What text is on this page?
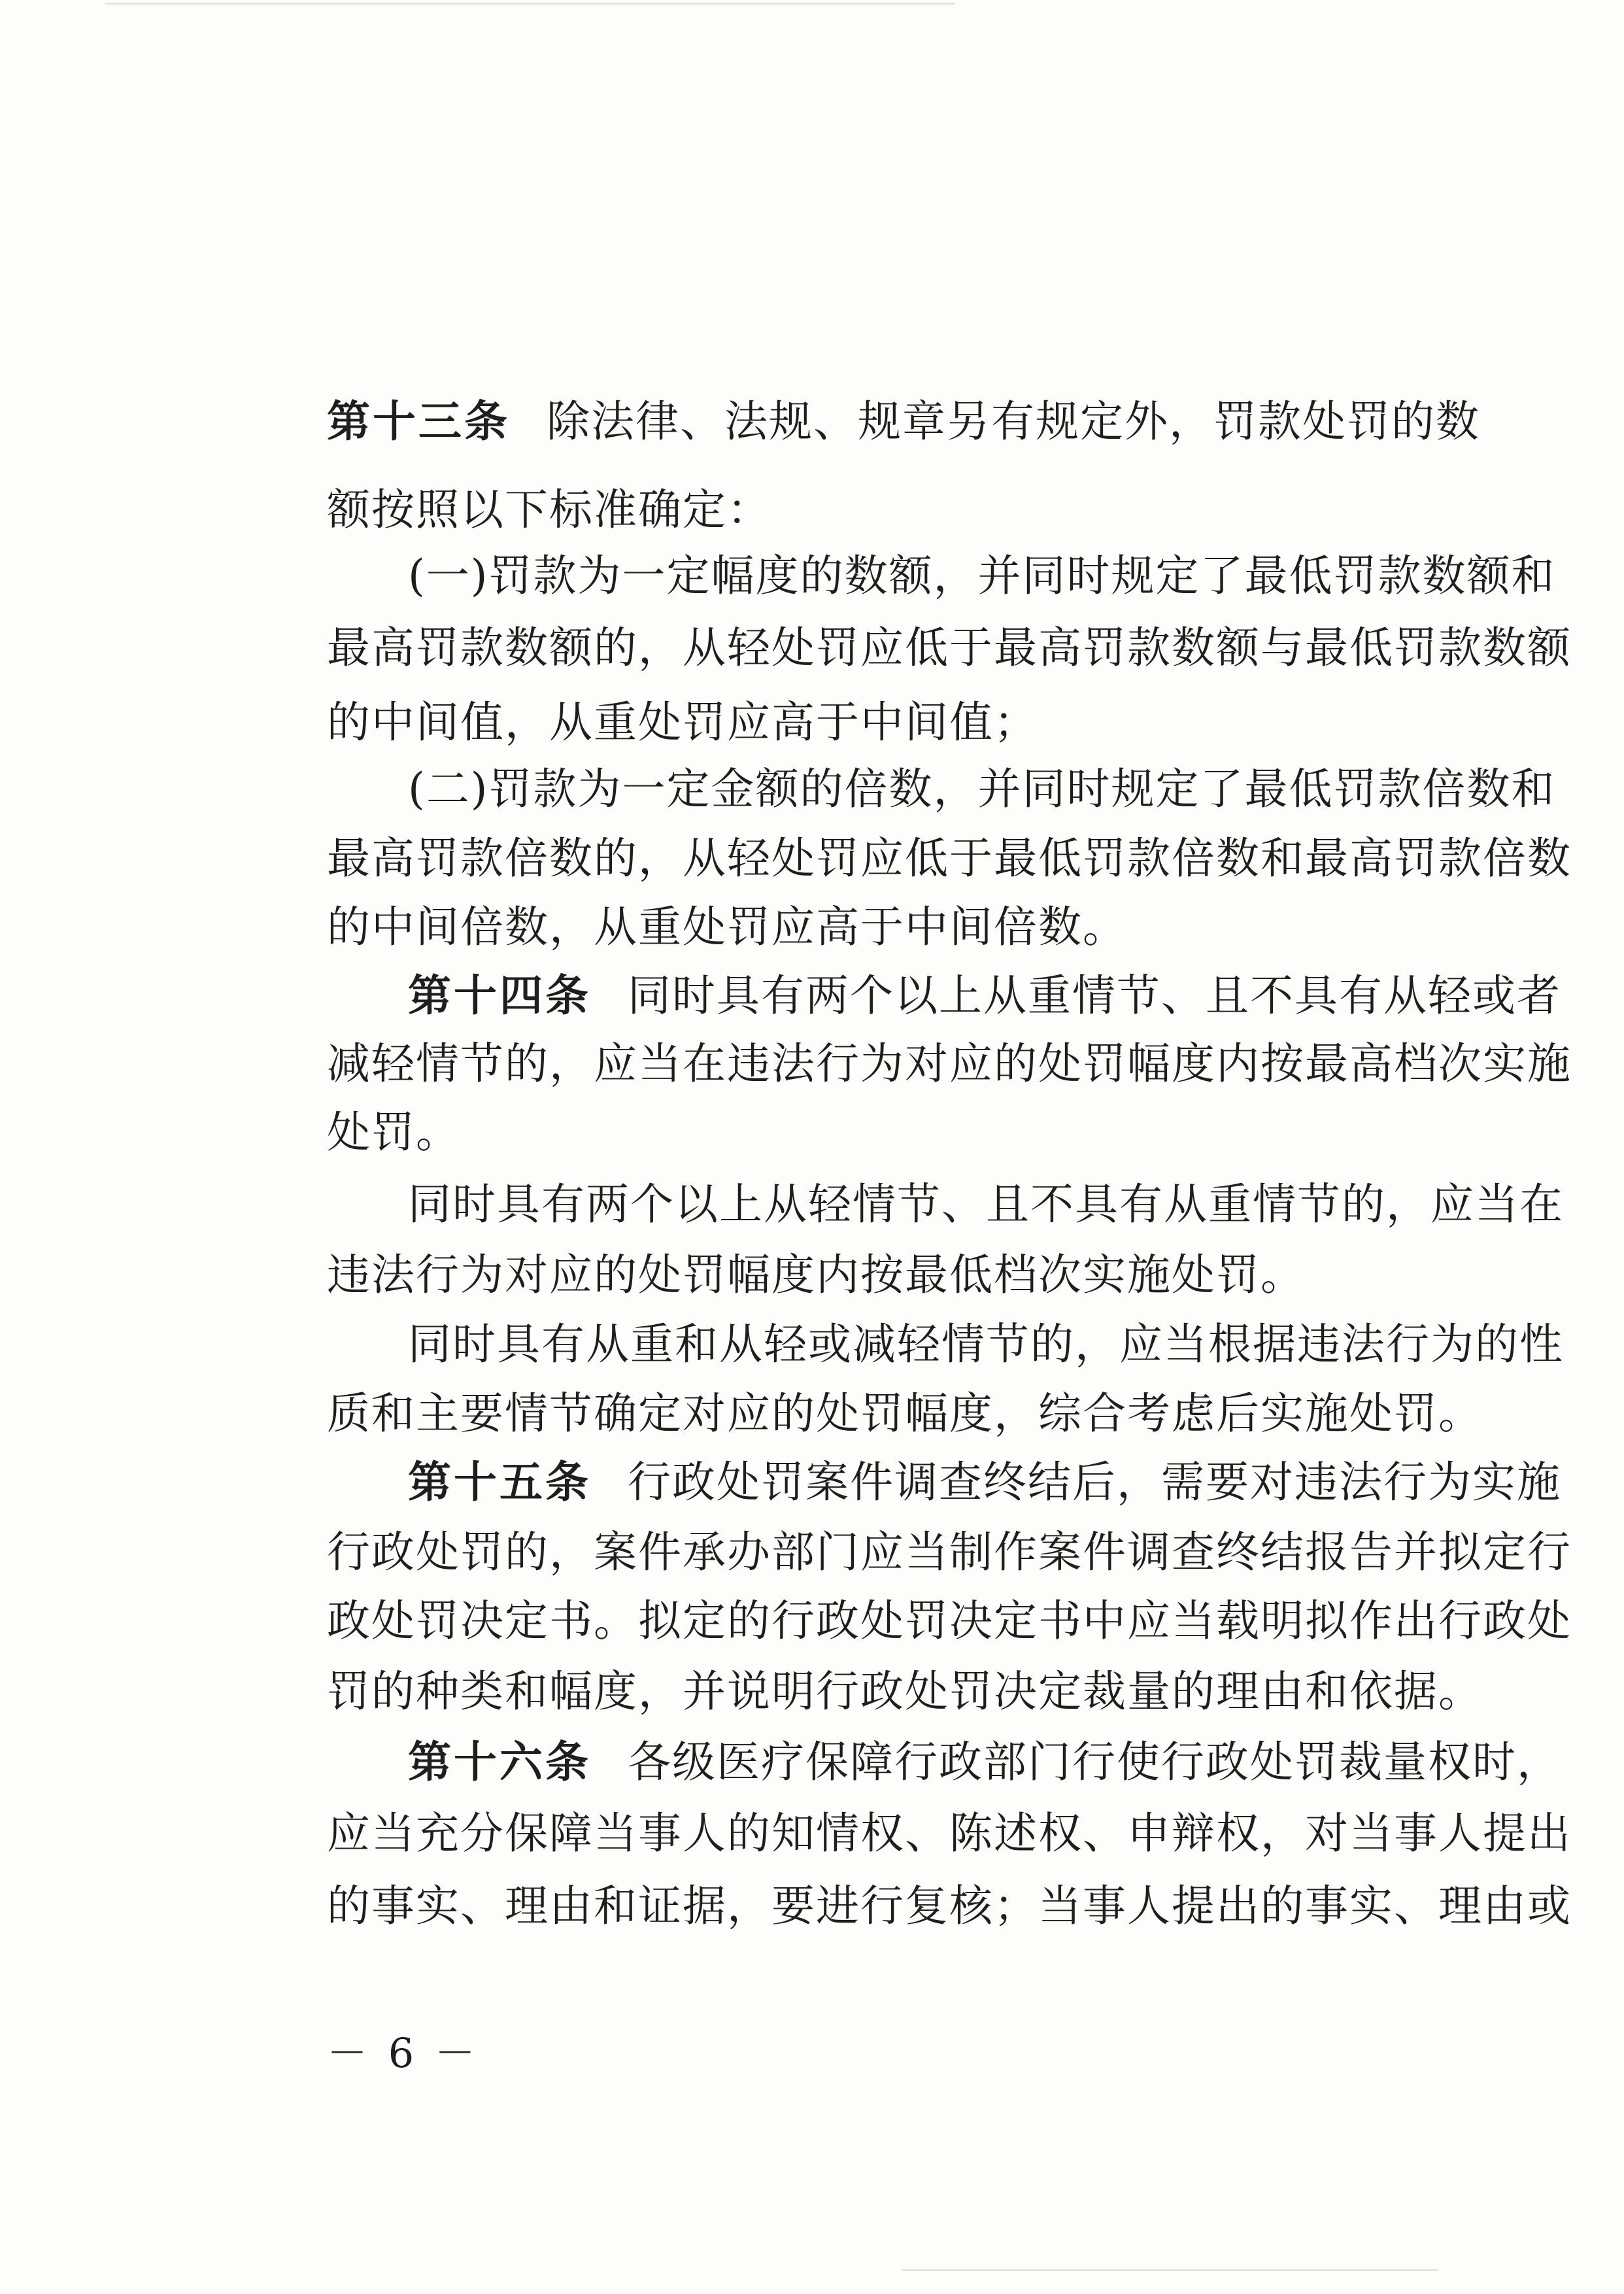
第十三条 除法律、法规、规章另有规定外，罚款处罚的数
额按照以下标准确定：
(一)罚款为一定幅度的数额，并同时规定了最低罚款数额和
最高罚款数额的，从轻处罚应低于最高罚款数额与最低罚款数额
的中间值，从重处罚应高于中间值；
(二)罚款为一定金额的倍数，并同时规定了最低罚款倍数和
最高罚款倍数的，从轻处罚应低于最低罚款倍数和最高罚款倍数
的中间倍数，从重处罚应高于中间倍数。
第十四条 同时具有两个以上从重情节、且不具有从轻或者
减轻情节的，应当在违法行为对应的处罚幅度内按最高档次实施
处罚。
同时具有两个以上从轻情节、且不具有从重情节的，应当在
违法行为对应的处罚幅度内按最低档次实施处罚。
同时具有从重和从轻或减轻情节的，应当根据违法行为的性
质和主要情节确定对应的处罚幅度，综合考虑后实施处罚。
第十五条 行政处罚案件调查终结后，需要对违法行为实施
行政处罚的，案件承办部门应当制作案件调查终结报告并拟定行
政处罚决定书。拟定的行政处罚决定书中应当载明拟作出行政处
罚的种类和幅度，并说明行政处罚决定裁量的理由和依据。
第十六条 各级医疗保障行政部门行使行政处罚裁量权时，
应当充分保障当事人的知情权、陈述权、申辩权，对当事人提出
的事实、理由和证据，要进行复核；当事人提出的事实、理由或
－ 6 －
